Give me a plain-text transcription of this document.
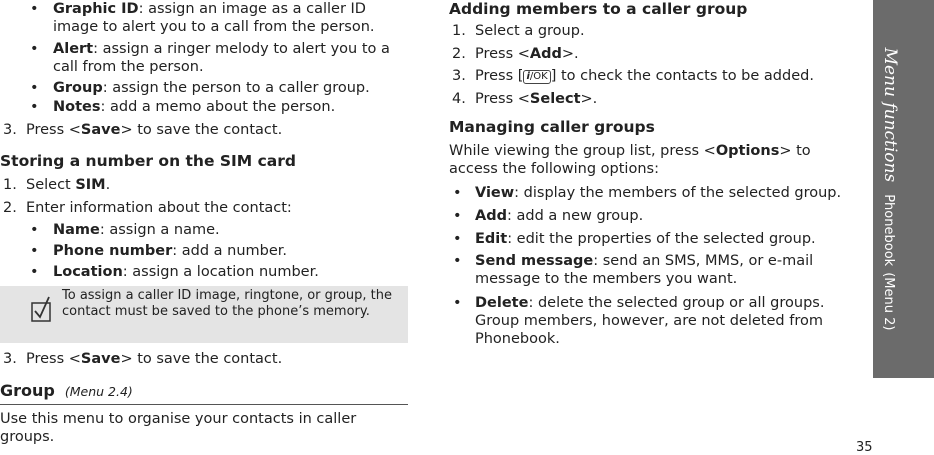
• Graphic ID: assign an image as a caller ID image to alert you to a call from the person.
• Alert: assign a ringer melody to alert you to a call from the person.
• Group: assign the person to a caller group.
• Notes: add a memo about the person.
3. Press <Save> to save the contact.
Storing a number on the SIM card
1. Select SIM.
2. Enter information about the contact:
• Name: assign a name.
• Phone number: add a number.
• Location: assign a location number.
To assign a caller ID image, ringtone, or group, the contact must be saved to the phone’s memory.
3. Press <Save> to save the contact.
Group (Menu 2.4)
Use this menu to organise your contacts in caller groups.
Adding members to a caller group
1. Select a group.
2. Press <Add>.
3. Press [ i/OK ] to check the contacts to be added.
4. Press <Select>.
Managing caller groups
While viewing the group list, press <Options> to access the following options:
• View: display the members of the selected group.
• Add: add a new group.
• Edit: edit the properties of the selected group.
• Send message: send an SMS, MMS, or e-mail message to the members you want.
• Delete: delete the selected group or all groups. Group members, however, are not deleted from Phonebook.
Menu functionsPhonebook(Menu 2)
35
